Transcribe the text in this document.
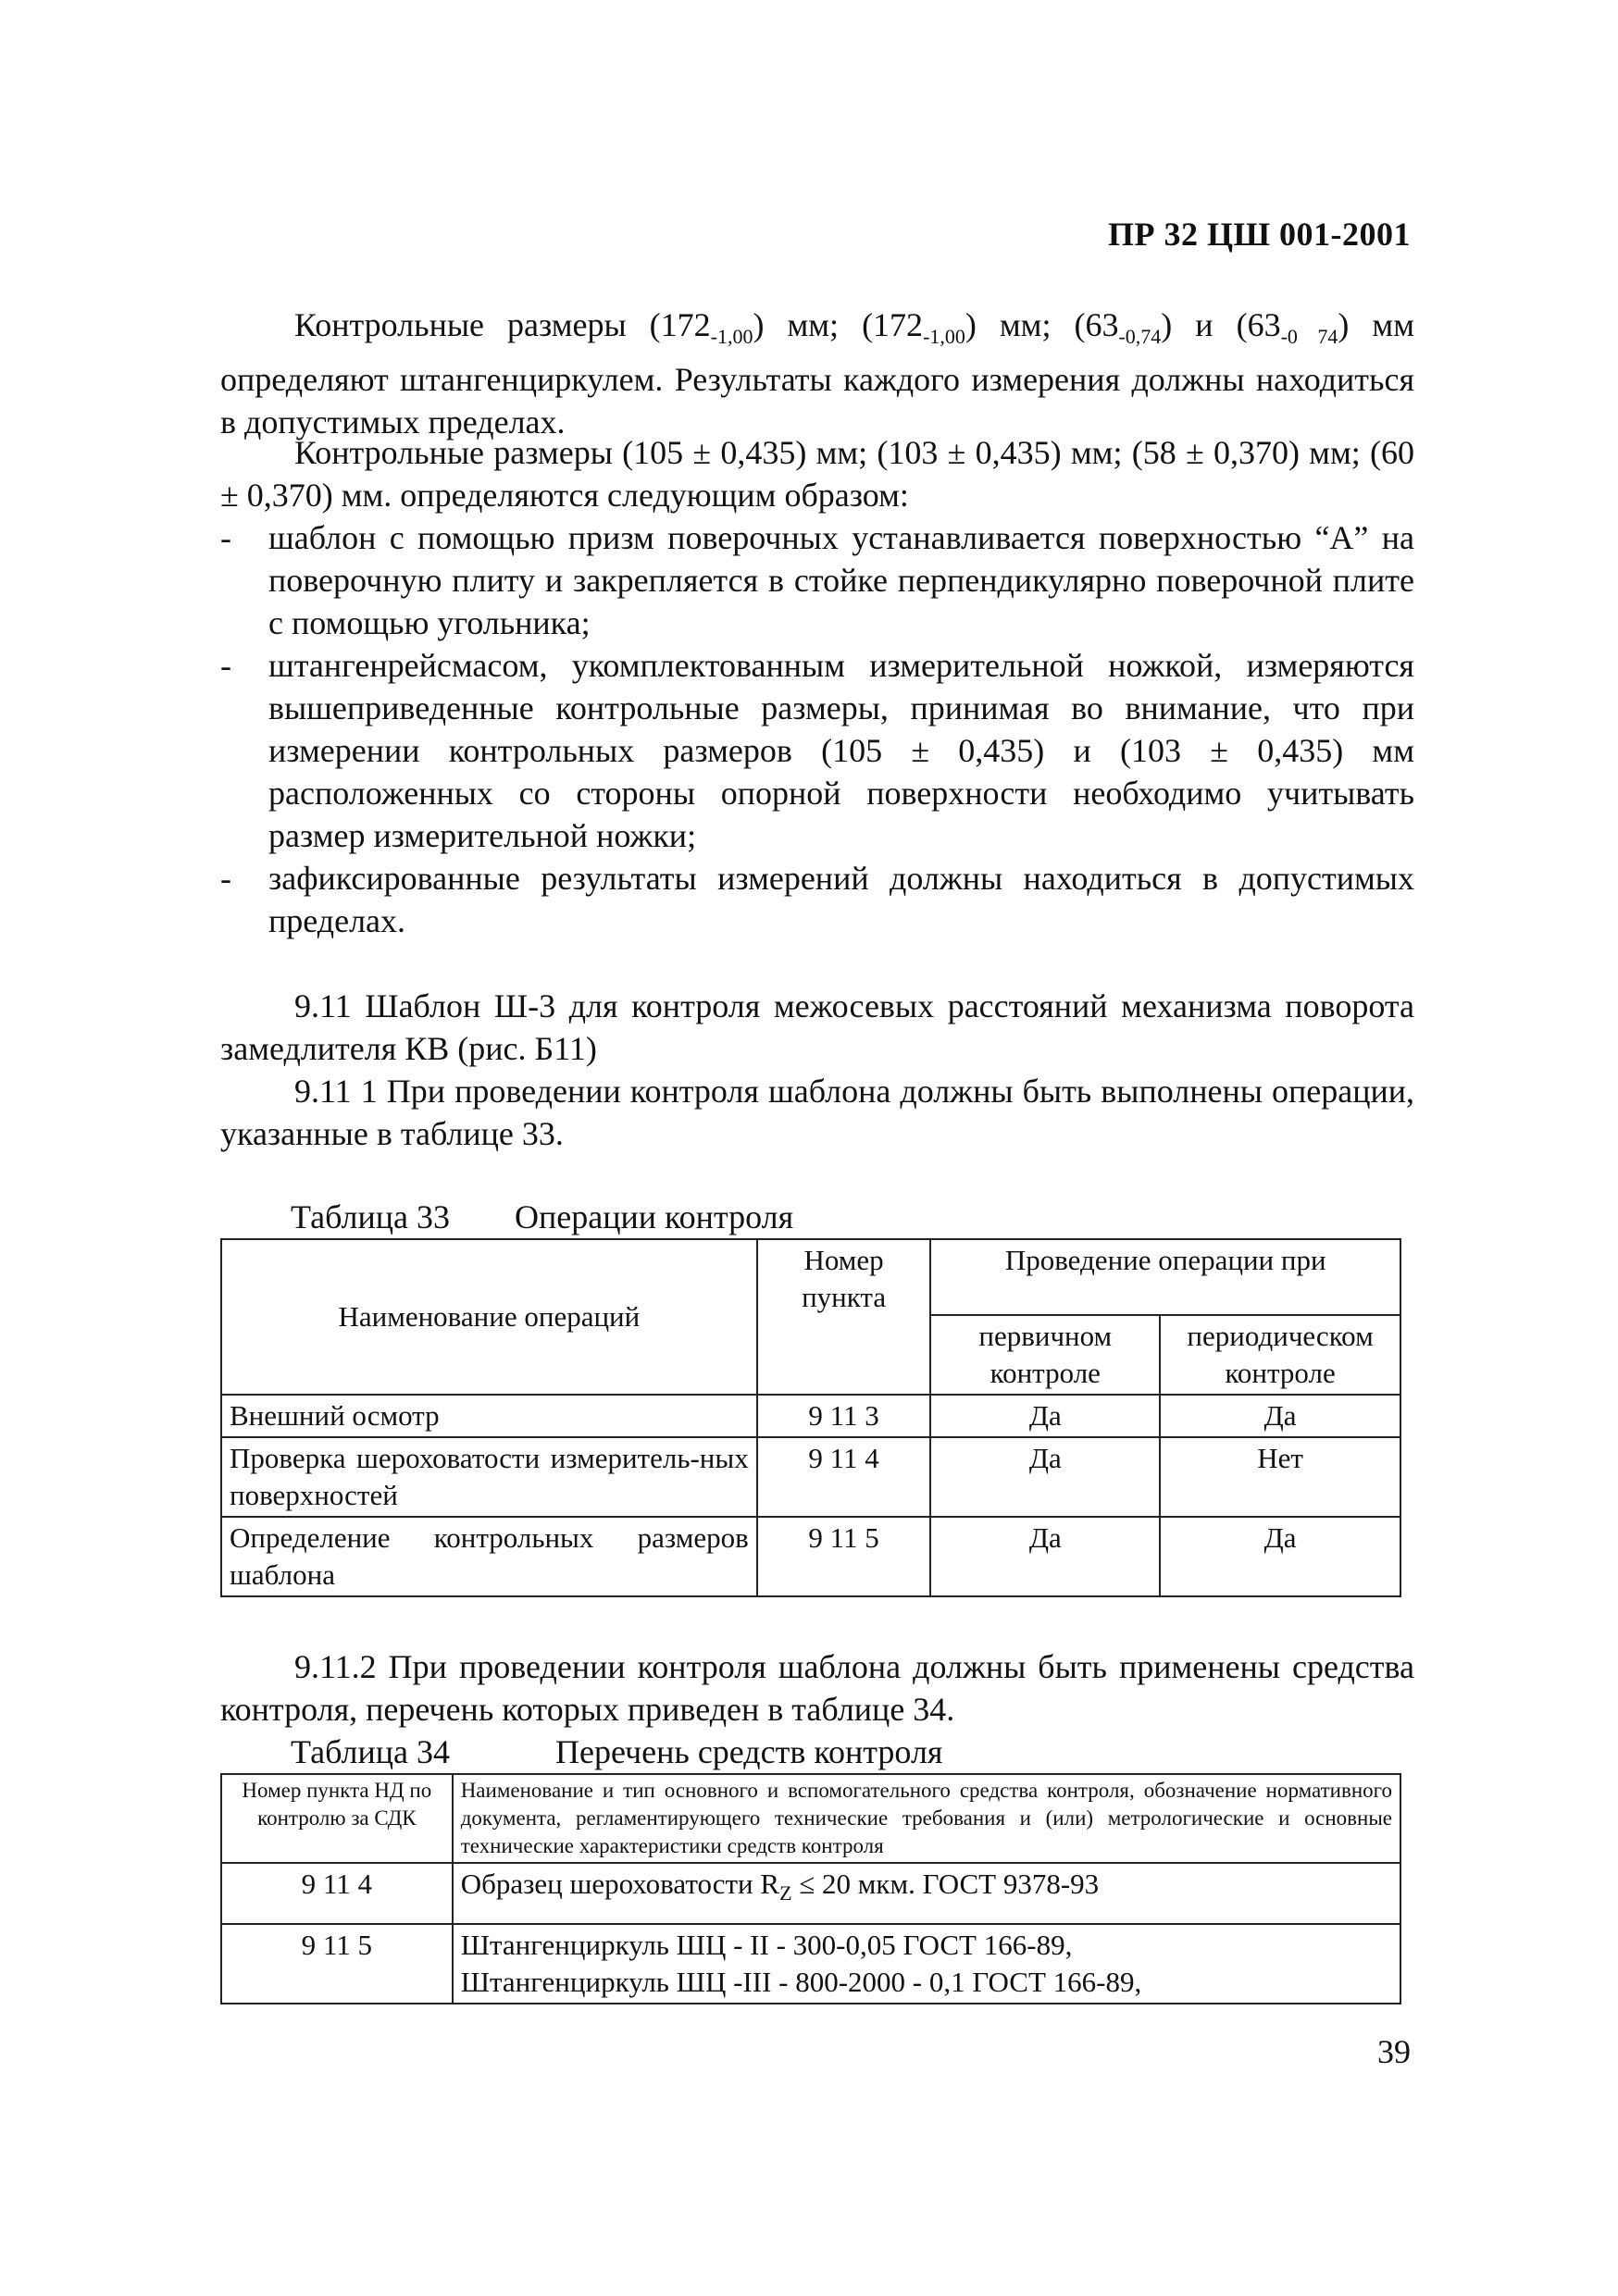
ПР 32 ЦШ 001-2001
Контрольные размеры $(172_{-1,00})$ мм; $(172_{-1,00})$ мм; $(63_{-0,74})$ и $(63_{-0 74})$ мм определяют штангенциркулем. Результаты каждого измерения должны находиться в допустимых пределах.
Контрольные размеры (105 ± 0,435) мм; (103 ± 0,435) мм; (58 ± 0,370) мм; (60 ± 0,370) мм. определяются следующим образом:
- шаблон с помощью призм поверочных устанавливается поверхностью “А” на поверочную плиту и закрепляется в стойке перпендикулярно поверочной плите с помощью угольника;
- штангенрейсмасом, укомплектованным измерительной ножкой, измеряются вышеприведенные контрольные размеры, принимая во внимание, что при измерении контрольных размеров (105 ± 0,435) и (103 ± 0,435) мм расположенных со стороны опорной поверхности необходимо учитывать размер измерительной ножки;
- зафиксированные результаты измерений должны находиться в допустимых пределах.
9.11 Шаблон Ш-3 для контроля межосевых расстояний механизма поворота замедлителя КВ (рис. Б11)
9.11 1 При проведении контроля шаблона должны быть выполнены операции, указанные в таблице 33.
Таблица 33 Операции контроля
Наименование операций	Номер пункта	Проведение операции при	
		первичном контроле	периодическом контроле
Внешний осмотр	9 11 3	Да	Да
Проверка шероховатости измеритель-ных поверхностей	9 11 4	Да	Нет
Определение контрольных размеров шаблона	9 11 5	Да	Да
9.11.2 При проведении контроля шаблона должны быть применены средства контроля, перечень которых приведен в таблице 34.
Таблица 34	Перечень средств контроля
Номер пункта НД по контролю за СДК	Наименование и тип основного и вспомогательного средства контроля, обозначение нормативного документа, регламентирующего технические требования и (или) метрологические и основные технические характеристики средств контроля
9 11 4	Образец шероховатости $R_Z \le 20$ мкм. ГОСТ 9378-93
9 11 5	Штангенциркуль ШЦ - II - 300-0,05 ГОСТ 166-89,
Штангенциркуль ШЦ -III - 800-2000 - 0,1 ГОСТ 166-89,
39
